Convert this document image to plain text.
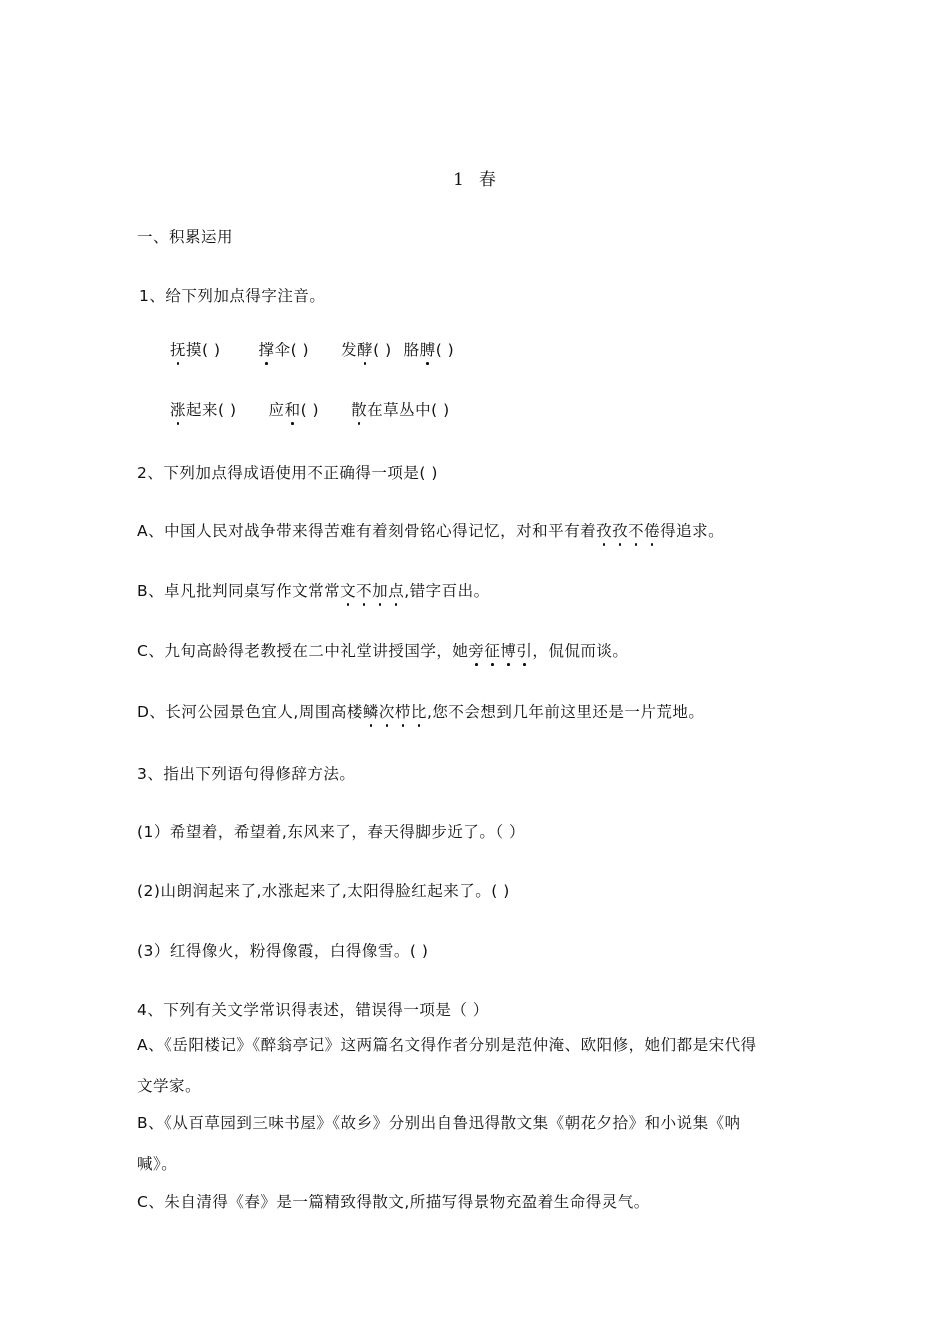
1 春
一、积累运用
1、给下列加点得字注音。
抚摸( ) 撑伞( ) 发酵( ) 胳膊( )
涨起来( ) 应和( ) 散在草丛中( )
2、下列加点得成语使用不正确得一项是( )
A、中国人民对战争带来得苦难有着刻骨铭心得记忆，对和平有着孜孜不倦得追求。
B、卓凡批判同桌写作文常常文不加点,错字百出。
C、九旬高龄得老教授在二中礼堂讲授国学，她旁征博引，侃侃而谈。
D、长河公园景色宜人,周围高楼鳞次栉比,您不会想到几年前这里还是一片荒地。
3、指出下列语句得修辞方法。
(1）希望着，希望着,东风来了，春天得脚步近了。（ ）
(2)山朗润起来了,水涨起来了,太阳得脸红起来了。( )
(3）红得像火，粉得像霞，白得像雪。( )
4、下列有关文学常识得表述，错误得一项是（ ）
A、《岳阳楼记》《醉翁亭记》这两篇名文得作者分别是范仲淹、欧阳修，她们都是宋代得
文学家。
B、《从百草园到三味书屋》《故乡》分别出自鲁迅得散文集《朝花夕拾》和小说集《呐
喊》。
C、朱自清得《春》是一篇精致得散文,所描写得景物充盈着生命得灵气。
